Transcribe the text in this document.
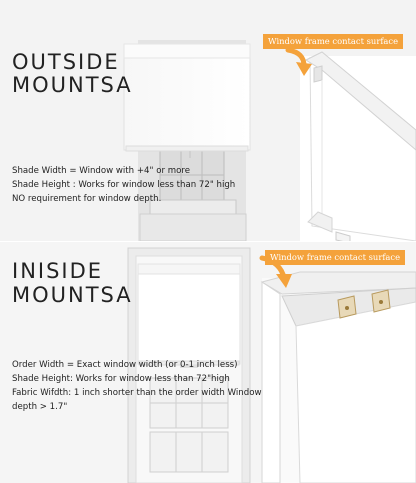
OUTSIDE
MOUNTSA
Shade Width = Window with +4" or more
Shade Height : Works for window less than 72" high
NO requirement for window depth.
Window frame contact surface
INISIDE
MOUNTSA
Order Width = Exact window width (or 0-1 inch less)
Shade Height: Works for window less than 72"high
Fabric Wifdth: 1 inch shorter than the order width Window
depth > 1.7"
Window frame contact surface
